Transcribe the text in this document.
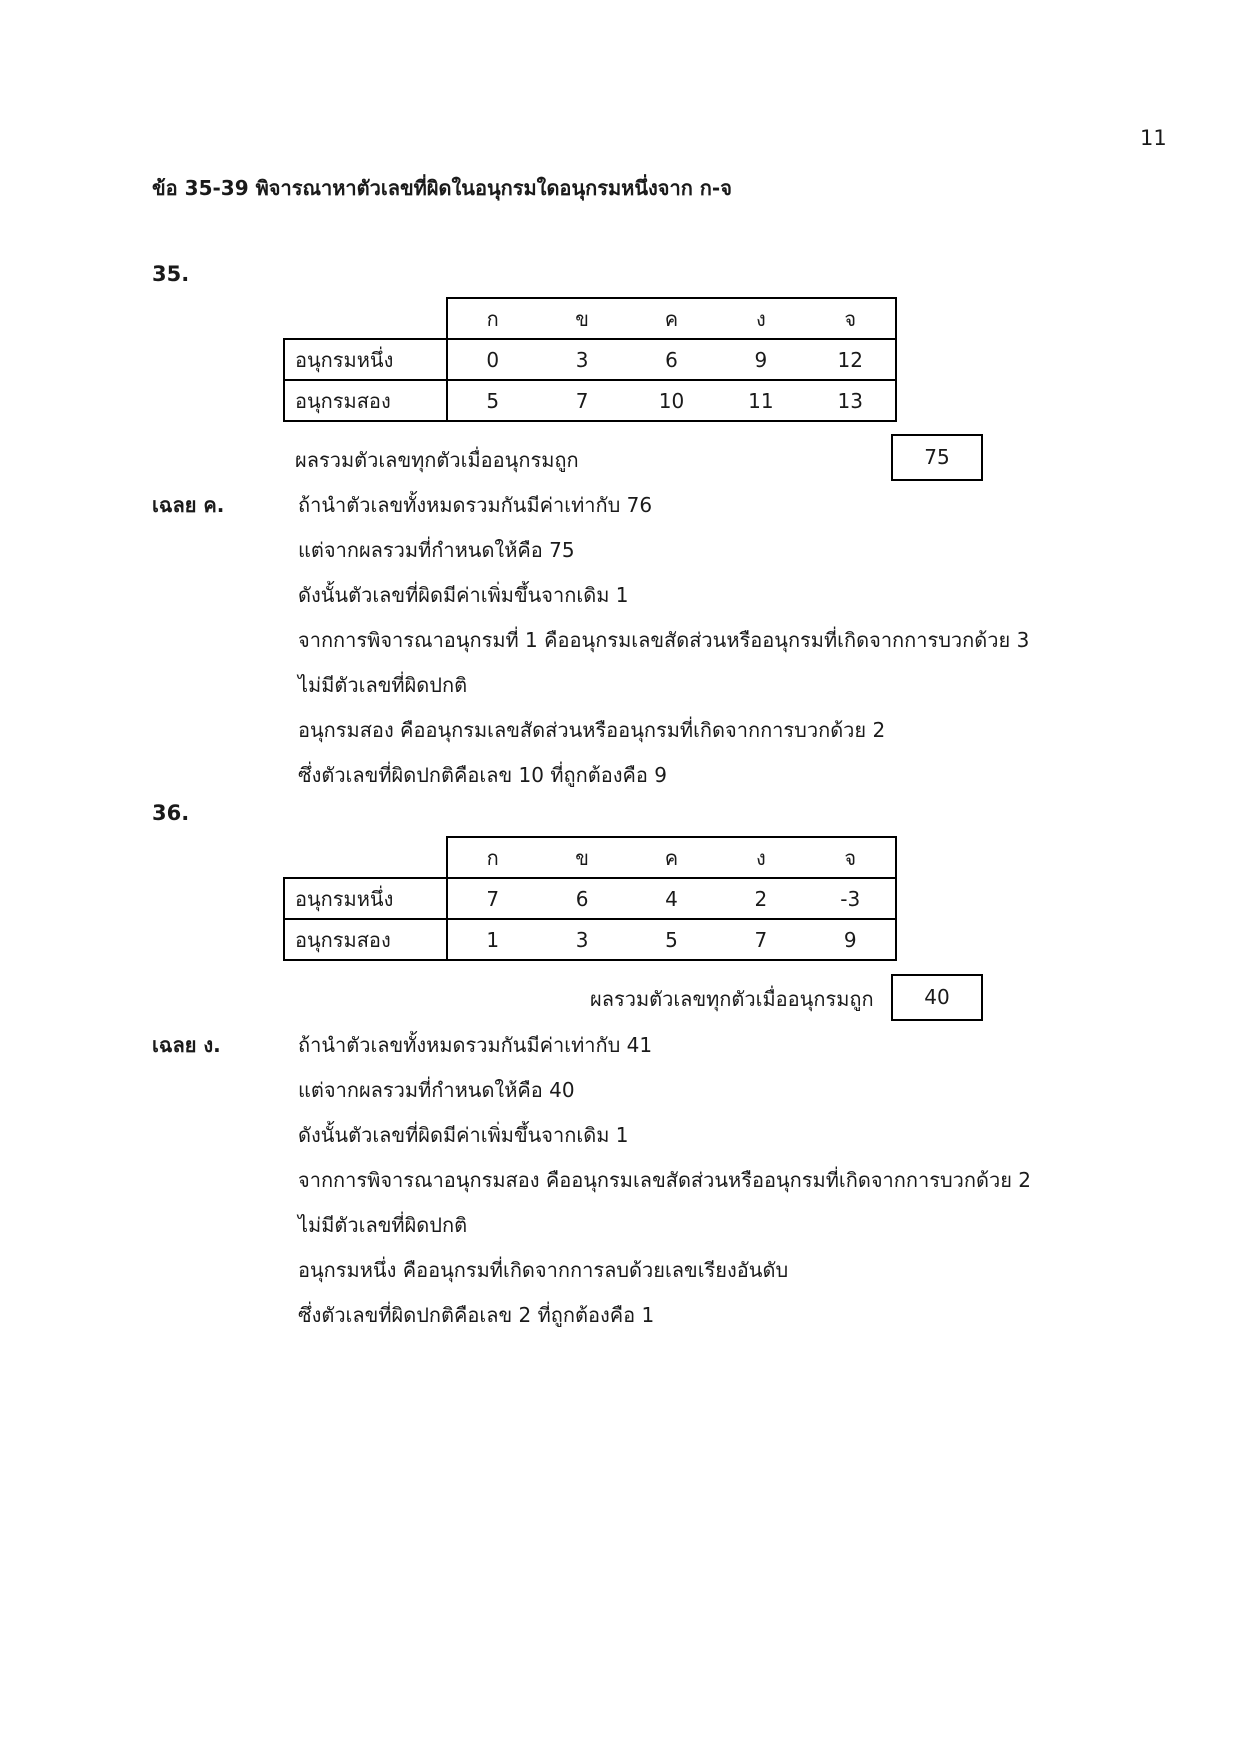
11
ข้อ 35-39 พิจารณาหาตัวเลขที่ผิดในอนุกรมใดอนุกรมหนึ่งจาก ก-จ
35.

	ก ข ค ง จ

อนุกรมหนึ่ง	0 3 6 9 12

อนุกรมสอง	5 7 10 11 13
ผลรวมตัวเลขทุกตัวเมื่ออนุกรมถูก	75
เฉลย ค.	ถ้านำตัวเลขทั้งหมดรวมกันมีค่าเท่ากับ 76
แต่จากผลรวมที่กำหนดให้คือ 75
ดังนั้นตัวเลขที่ผิดมีค่าเพิ่มขึ้นจากเดิม 1
จากการพิจารณาอนุกรมที่ 1 คืออนุกรมเลขสัดส่วนหรืออนุกรมที่เกิดจากการบวกด้วย 3
ไม่มีตัวเลขที่ผิดปกติ
อนุกรมสอง คืออนุกรมเลขสัดส่วนหรืออนุกรมที่เกิดจากการบวกด้วย 2
ซึ่งตัวเลขที่ผิดปกติคือเลข 10 ที่ถูกต้องคือ 9
36.

	ก ข ค ง จ

อนุกรมหนึ่ง	7 6 4 2 -3

อนุกรมสอง	1 3 5 7 9
ผลรวมตัวเลขทุกตัวเมื่ออนุกรมถูก	40
เฉลย ง.	ถ้านำตัวเลขทั้งหมดรวมกันมีค่าเท่ากับ 41
แต่จากผลรวมที่กำหนดให้คือ 40
ดังนั้นตัวเลขที่ผิดมีค่าเพิ่มขึ้นจากเดิม 1
จากการพิจารณาอนุกรมสอง คืออนุกรมเลขสัดส่วนหรืออนุกรมที่เกิดจากการบวกด้วย 2
ไม่มีตัวเลขที่ผิดปกติ
อนุกรมหนึ่ง คืออนุกรมที่เกิดจากการลบด้วยเลขเรียงอันดับ
ซึ่งตัวเลขที่ผิดปกติคือเลข 2 ที่ถูกต้องคือ 1
